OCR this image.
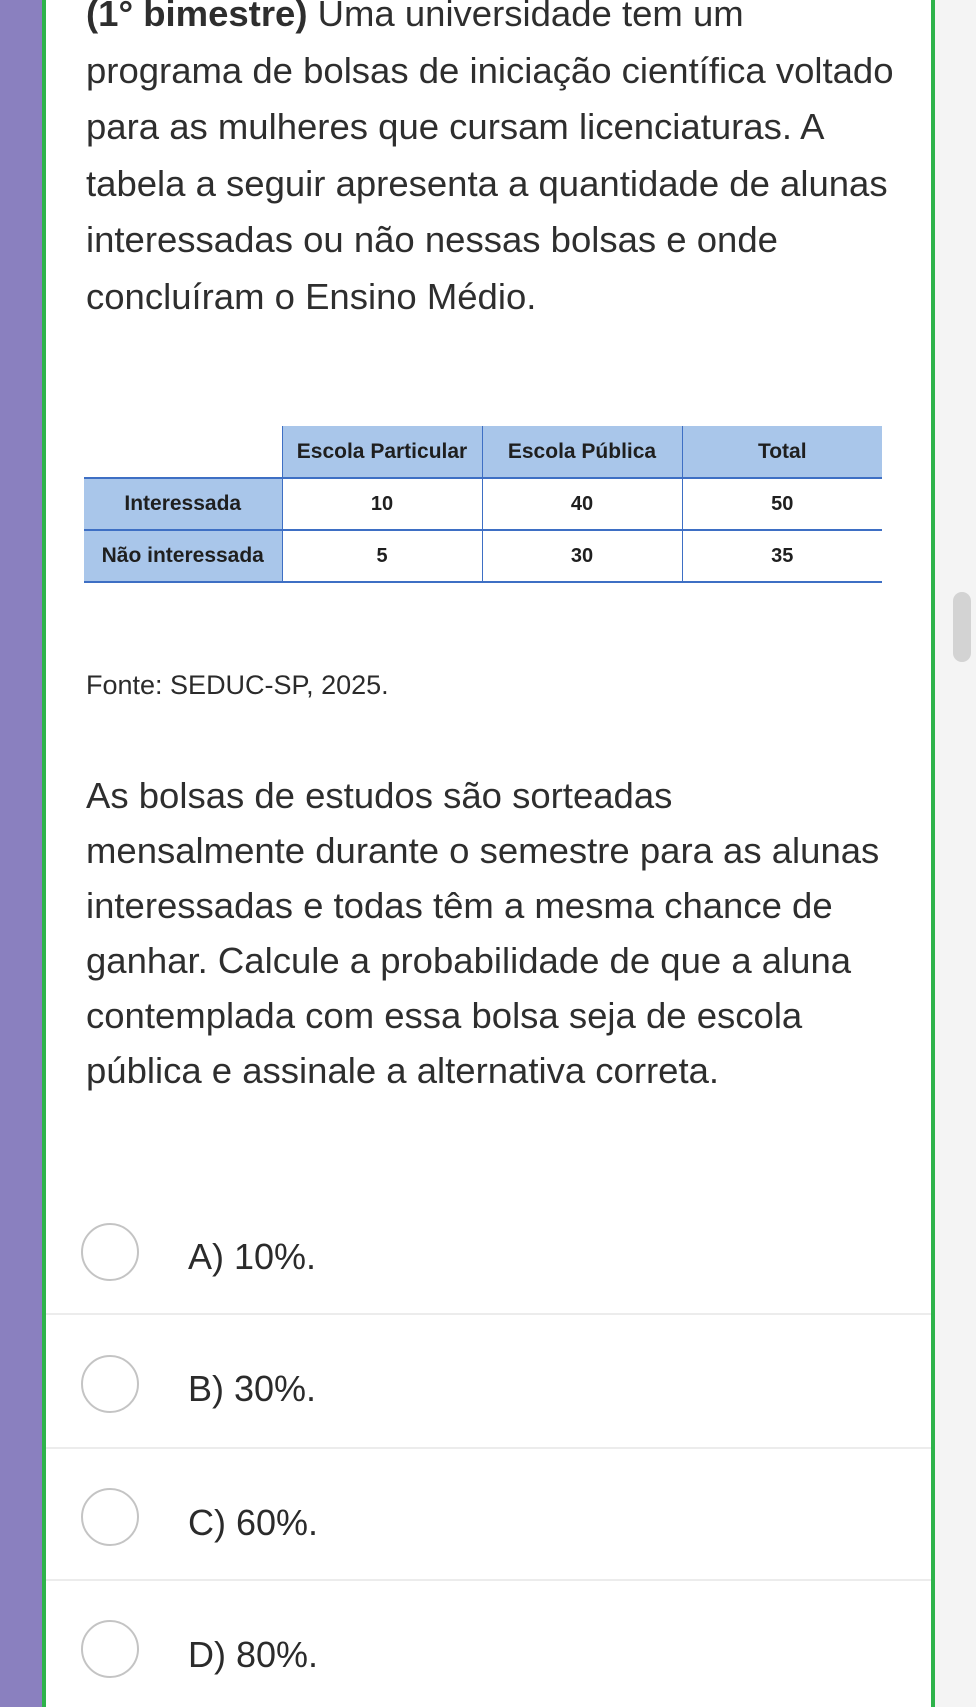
(1° bimestre) Uma universidade tem um programa de bolsas de iniciação científica voltado para as mulheres que cursam licenciaturas. A tabela a seguir apresenta a quantidade de alunas interessadas ou não nessas bolsas e onde concluíram o Ensino Médio.
	Escola Particular	Escola Pública	Total
Interessada	10	40	50
Não interessada	5	30	35
Fonte: SEDUC-SP, 2025.
As bolsas de estudos são sorteadas mensalmente durante o semestre para as alunas interessadas e todas têm a mesma chance de ganhar. Calcule a probabilidade de que a aluna contemplada com essa bolsa seja de escola pública e assinale a alternativa correta.
A) 10%.
B) 30%.
C) 60%.
D) 80%.
